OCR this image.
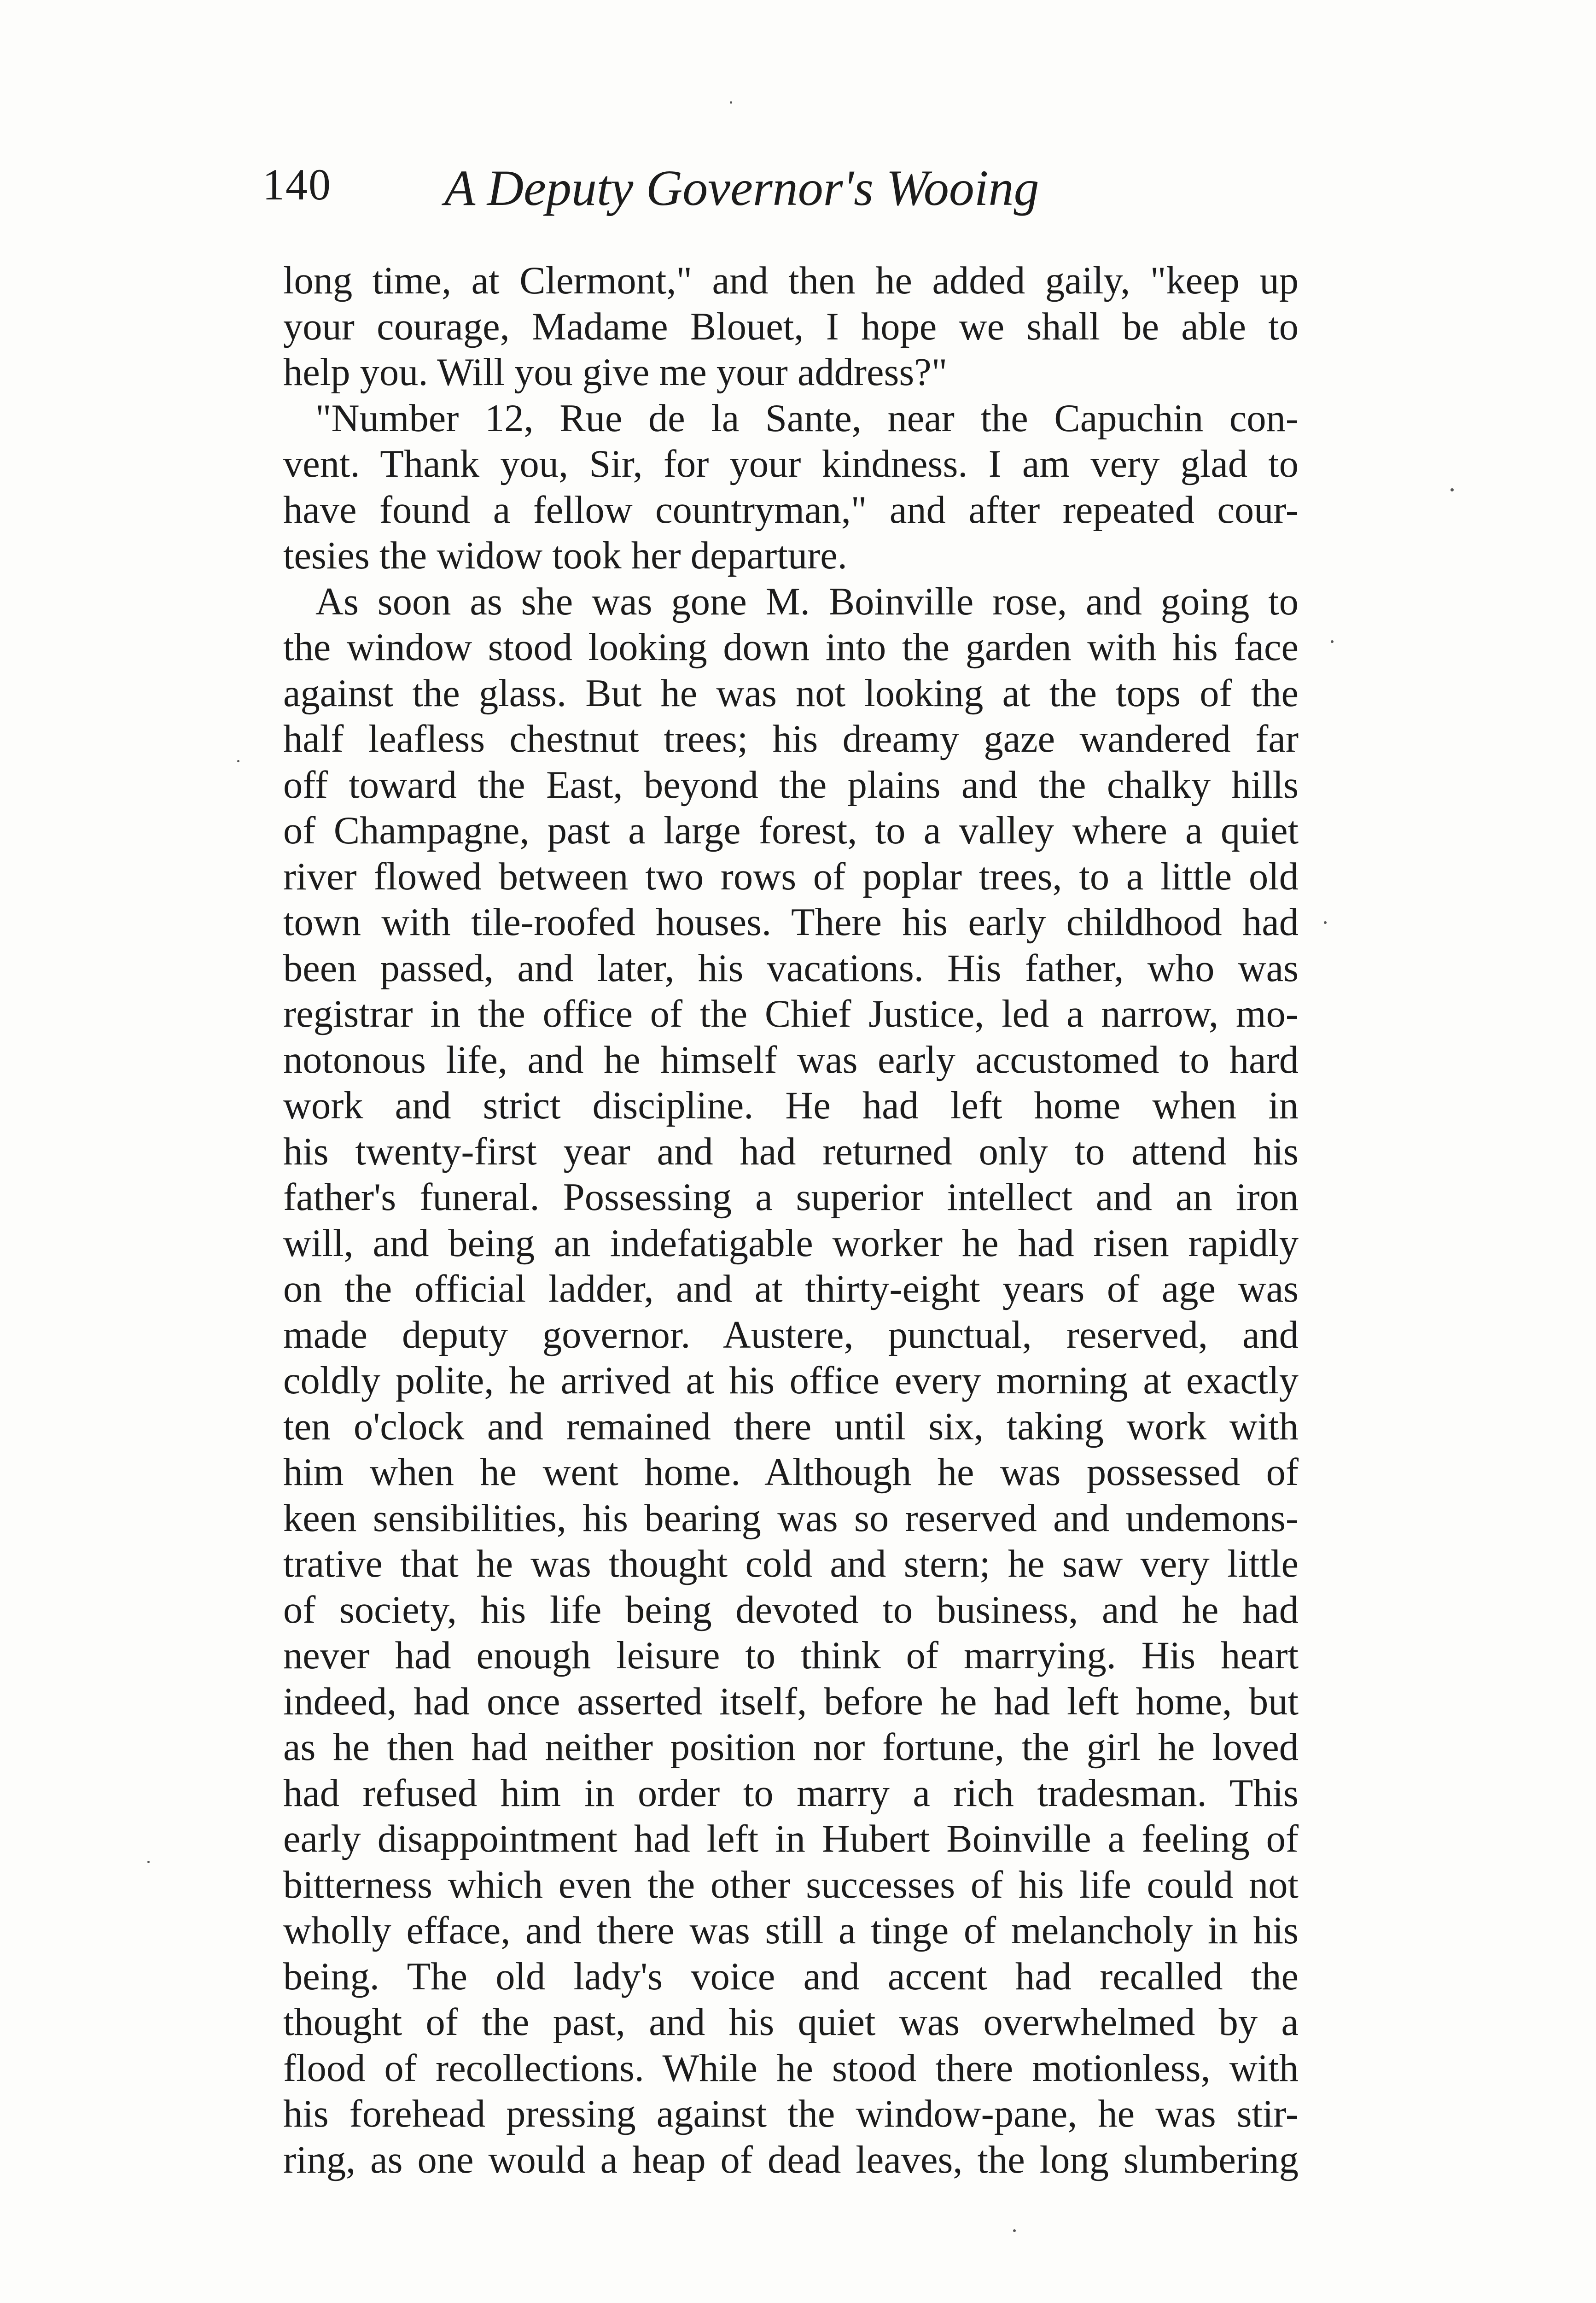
140 A Deputy Governor's Wooing
long time, at Clermont," and then he added gaily, "keep up
your courage, Madame Blouet, I hope we shall be able to
help you. Will you give me your address?"
"Number 12, Rue de la Sante, near the Capuchin con-
vent. Thank you, Sir, for your kindness. I am very glad to
have found a fellow countryman," and after repeated cour-
tesies the widow took her departure.
As soon as she was gone M. Boinville rose, and going to
the window stood looking down into the garden with his face
against the glass. But he was not looking at the tops of the
half leafless chestnut trees; his dreamy gaze wandered far
off toward the East, beyond the plains and the chalky hills
of Champagne, past a large forest, to a valley where a quiet
river flowed between two rows of poplar trees, to a little old
town with tile-roofed houses. There his early childhood had
been passed, and later, his vacations. His father, who was
registrar in the office of the Chief Justice, led a narrow, mo-
notonous life, and he himself was early accustomed to hard
work and strict discipline. He had left home when in
his twenty-first year and had returned only to attend his
father's funeral. Possessing a superior intellect and an iron
will, and being an indefatigable worker he had risen rapidly
on the official ladder, and at thirty-eight years of age was
made deputy governor. Austere, punctual, reserved, and
coldly polite, he arrived at his office every morning at exactly
ten o'clock and remained there until six, taking work with
him when he went home. Although he was possessed of
keen sensibilities, his bearing was so reserved and undemons-
trative that he was thought cold and stern; he saw very little
of society, his life being devoted to business, and he had
never had enough leisure to think of marrying. His heart
indeed, had once asserted itself, before he had left home, but
as he then had neither position nor fortune, the girl he loved
had refused him in order to marry a rich tradesman. This
early disappointment had left in Hubert Boinville a feeling of
bitterness which even the other successes of his life could not
wholly efface, and there was still a tinge of melancholy in his
being. The old lady's voice and accent had recalled the
thought of the past, and his quiet was overwhelmed by a
flood of recollections. While he stood there motionless, with
his forehead pressing against the window-pane, he was stir-
ring, as one would a heap of dead leaves, the long slumbering
